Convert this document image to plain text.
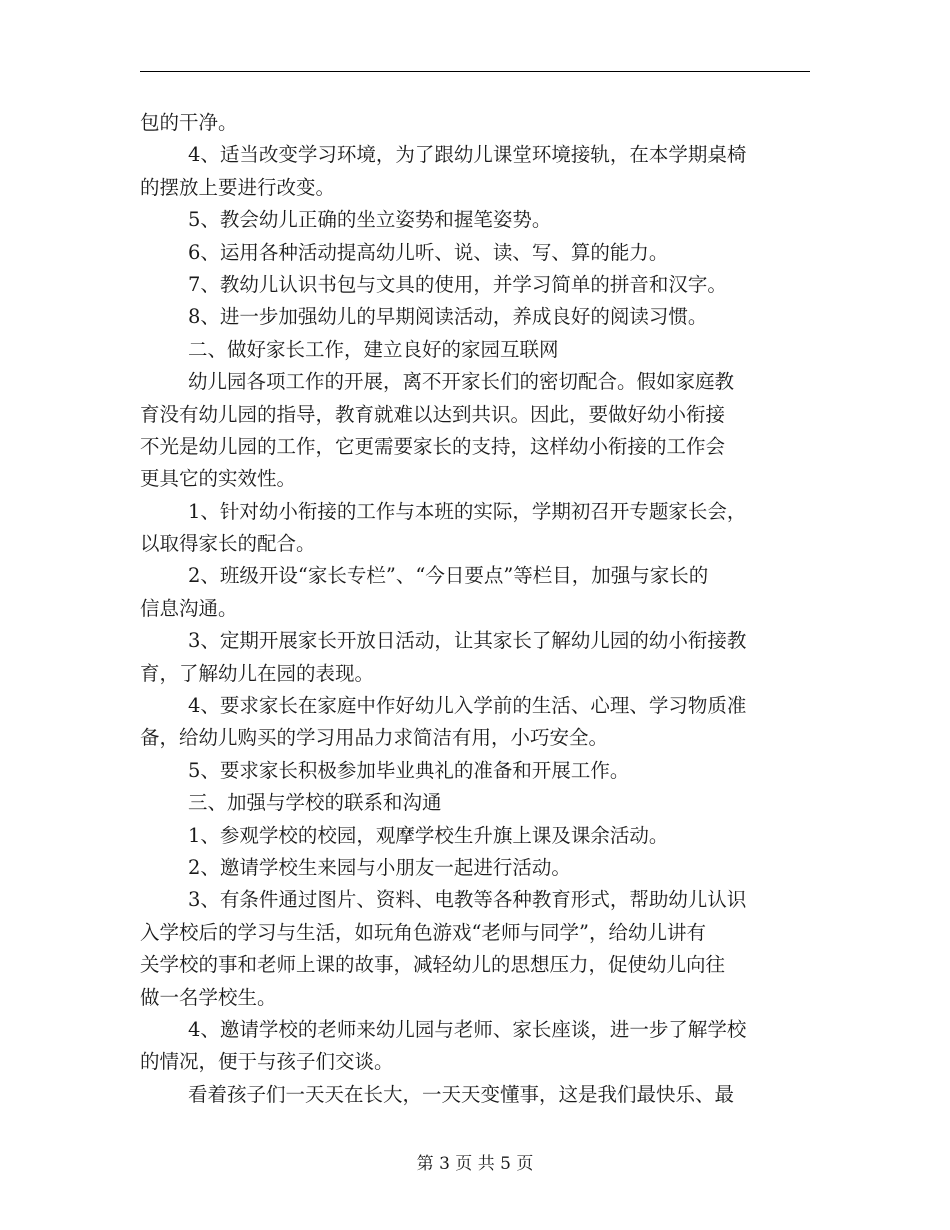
包的干净。
4、适当改变学习环境，为了跟幼儿课堂环境接轨，在本学期桌椅
的摆放上要进行改变。
5、教会幼儿正确的坐立姿势和握笔姿势。
6、运用各种活动提高幼儿听、说、读、写、算的能力。
7、教幼儿认识书包与文具的使用，并学习简单的拼音和汉字。
8、进一步加强幼儿的早期阅读活动，养成良好的阅读习惯。
二、做好家长工作，建立良好的家园互联网
幼儿园各项工作的开展，离不开家长们的密切配合。假如家庭教
育没有幼儿园的指导，教育就难以达到共识。因此，要做好幼小衔接
不光是幼儿园的工作，它更需要家长的支持，这样幼小衔接的工作会
更具它的实效性。
1、针对幼小衔接的工作与本班的实际，学期初召开专题家长会，
以取得家长的配合。
2、班级开设“家长专栏”、“今日要点”等栏目，加强与家长的
信息沟通。
3、定期开展家长开放日活动，让其家长了解幼儿园的幼小衔接教
育，了解幼儿在园的表现。
4、要求家长在家庭中作好幼儿入学前的生活、心理、学习物质准
备，给幼儿购买的学习用品力求简洁有用，小巧安全。
5、要求家长积极参加毕业典礼的准备和开展工作。
三、加强与学校的联系和沟通
1、参观学校的校园，观摩学校生升旗上课及课余活动。
2、邀请学校生来园与小朋友一起进行活动。
3、有条件通过图片、资料、电教等各种教育形式，帮助幼儿认识
入学校后的学习与生活，如玩角色游戏“老师与同学”，给幼儿讲有
关学校的事和老师上课的故事，减轻幼儿的思想压力，促使幼儿向往
做一名学校生。
4、邀请学校的老师来幼儿园与老师、家长座谈，进一步了解学校
的情况，便于与孩子们交谈。
看着孩子们一天天在长大，一天天变懂事，这是我们最快乐、最
第 3 页 共 5 页
